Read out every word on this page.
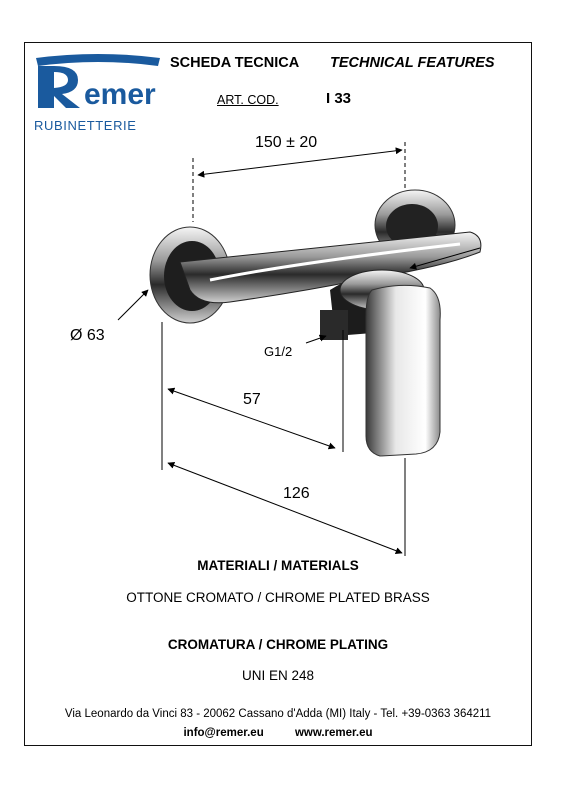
emer
RUBINETTERIE
SCHEDA TECNICA TECHNICAL FEATURES
ART. COD.	I 33
150 ± 20
Ø 63
G1/2
57
126
MATERIALI / MATERIALS
OTTONE CROMATO / CHROME PLATED BRASS
CROMATURA / CHROME PLATING
UNI EN 248
Via Leonardo da Vinci 83 - 20062 Cassano d'Adda (MI) Italy - Tel. +39-0363 364211
info@remer.eu	www.remer.eu
